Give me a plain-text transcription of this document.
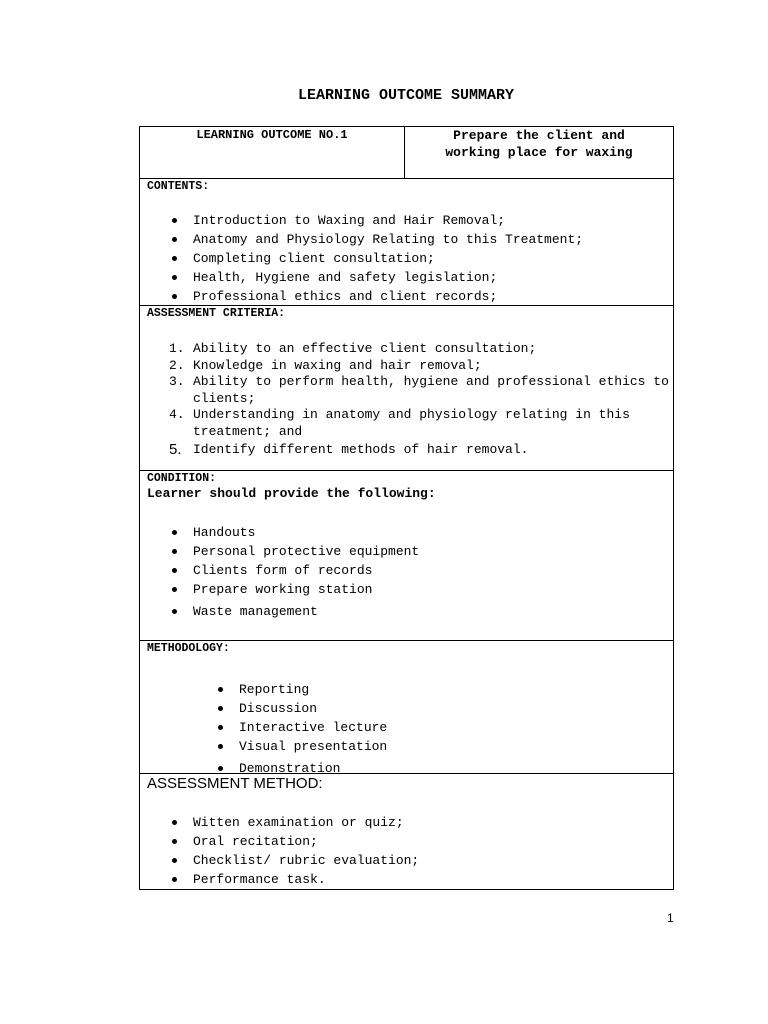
LEARNING OUTCOME SUMMARY
LEARNING OUTCOME NO.1	Prepare the client and working place for waxing
CONTENTS:
Introduction to Waxing and Hair Removal;
Anatomy and Physiology Relating to this Treatment;
Completing client consultation;
Health, Hygiene and safety legislation;
Professional ethics and client records;
ASSESSMENT CRITERIA:
1. Ability to an effective client consultation;
2. Knowledge in waxing and hair removal;
3. Ability to perform health, hygiene and professional ethics to clients;
4. Understanding in anatomy and physiology relating in this treatment; and
5. Identify different methods of hair removal.
CONDITION:
Learner should provide the following:
Handouts
Personal protective equipment
Clients form of records
Prepare working station
Waste management
METHODOLOGY:
Reporting
Discussion
Interactive lecture
Visual presentation
Demonstration
ASSESSMENT METHOD:
Witten examination or quiz;
Oral recitation;
Checklist/ rubric evaluation;
Performance task.
1
